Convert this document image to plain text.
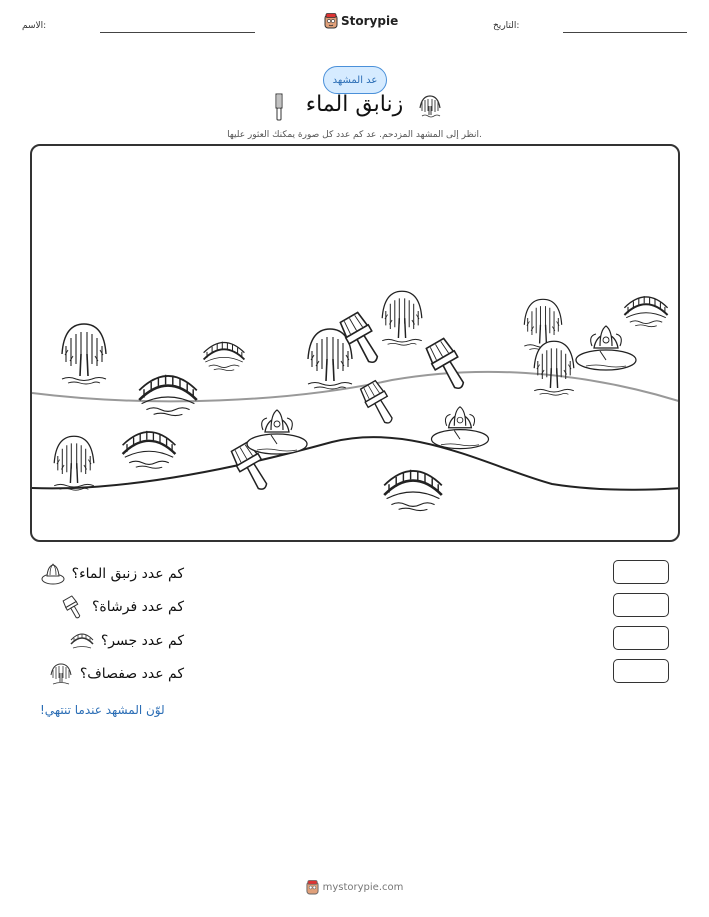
الاسم:	Storypie	التاريخ:
عد المشهد
زنابق الماء
انظر إلى المشهد المزدحم. عد كم عدد كل صورة يمكنك العثور عليها.
كم عدد زنبق الماء؟
كم عدد فرشاة؟
كم عدد جسر؟
كم عدد صفصاف؟
لوّن المشهد عندما تنتهي!
mystorypie.com
